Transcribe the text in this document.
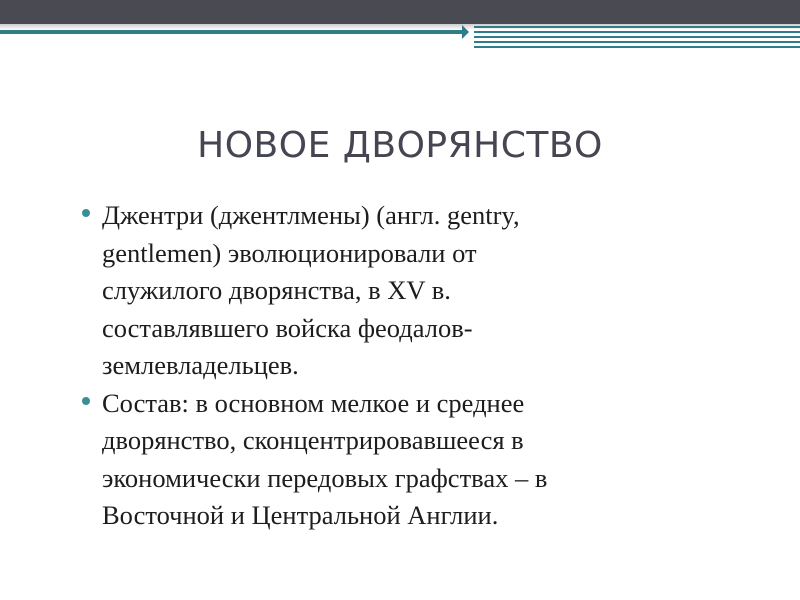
НОВОЕ ДВОРЯНСТВО
Джентри (джентлмены) (англ. gentry,
gentlemen) эволюционировали от
служилого дворянства, в XV в.
составлявшего войска феодалов-
землевладельцев.
Состав: в основном мелкое и среднее
дворянство, сконцентрировавшееся в
экономически передовых графствах – в
Восточной и Центральной Англии.
